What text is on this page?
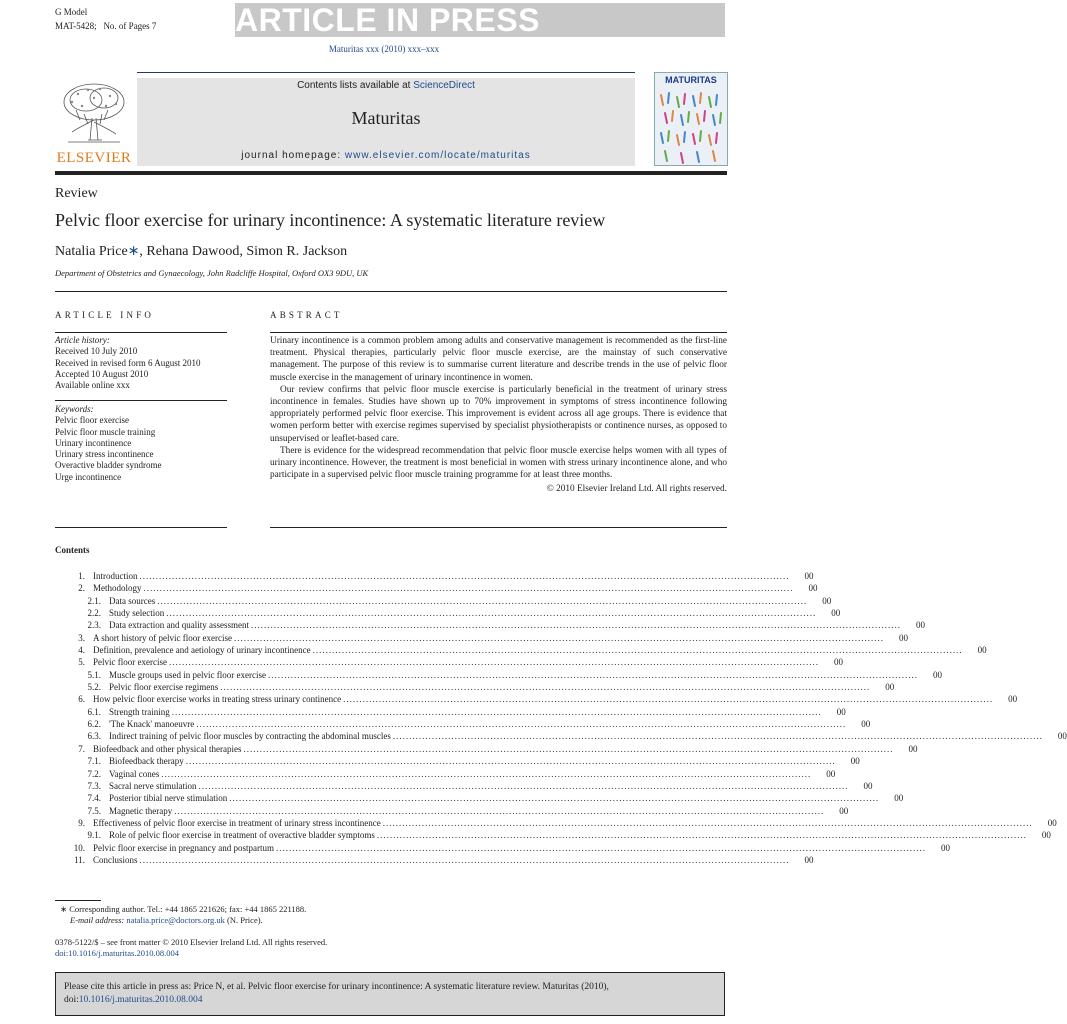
G Model
MAT-5428; No. of Pages 7 ARTICLE IN PRESS
Maturitas xxx (2010) xxx–xxx
ELSEVIER
Contents lists available at ScienceDirect
Maturitas
journal homepage: www.elsevier.com/locate/maturitas
MATURITAS
Review
Pelvic floor exercise for urinary incontinence: A systematic literature review
Natalia Price∗, Rehana Dawood, Simon R. Jackson
Department of Obstetrics and Gynaecology, John Radcliffe Hospital, Oxford OX3 9DU, UK
ARTICLE INFO	ABSTRACT
Article history:
Received 10 July 2010
Received in revised form 6 August 2010
Accepted 10 August 2010
Available online xxx
Keywords:
Pelvic floor exercise
Pelvic floor muscle training
Urinary incontinence
Urinary stress incontinence
Overactive bladder syndrome
Urge incontinence

Urinary incontinence is a common problem among adults and conservative management is recommended as the first-line treatment. Physical therapies, particularly pelvic floor muscle exercise, are the mainstay of such conservative management. The purpose of this review is to summarise current literature and describe trends in the use of pelvic floor muscle exercise in the management of urinary incontinence in women.

Our review confirms that pelvic floor muscle exercise is particularly beneficial in the treatment of urinary stress incontinence in females. Studies have shown up to 70% improvement in symptoms of stress incontinence following appropriately performed pelvic floor exercise. This improvement is evident across all age groups. There is evidence that women perform better with exercise regimes supervised by specialist physiotherapists or continence nurses, as opposed to unsupervised or leaflet-based care.

There is evidence for the widespread recommendation that pelvic floor muscle exercise helps women with all types of urinary incontinence. However, the treatment is most beneficial in women with stress urinary incontinence alone, and who participate in a supervised pelvic floor muscle training programme for at least three months.

© 2010 Elsevier Ireland Ltd. All rights reserved.

Contents
1. Introduction ........................................................................................................................................................................................................	00
2. Methodology ........................................................................................................................................................................................................	00
2.1. Data sources ........................................................................................................................................................................................................	00
2.2. Study selection ........................................................................................................................................................................................................	00
2.3. Data extraction and quality assessment ........................................................................................................................................................................................................	00
3. A short history of pelvic floor exercise ........................................................................................................................................................................................................	00
4. Definition, prevalence and aetiology of urinary incontinence ........................................................................................................................................................................................................	00
5. Pelvic floor exercise ........................................................................................................................................................................................................	00
5.1. Muscle groups used in pelvic floor exercise ........................................................................................................................................................................................................	00
5.2. Pelvic floor exercise regimens ........................................................................................................................................................................................................	00
6. How pelvic floor exercise works in treating stress urinary continence ........................................................................................................................................................................................................	00
6.1. Strength training ........................................................................................................................................................................................................	00
6.2. 'The Knack' manoeuvre ........................................................................................................................................................................................................	00
6.3. Indirect training of pelvic floor muscles by contracting the abdominal muscles ........................................................................................................................................................................................................	00
7. Biofeedback and other physical therapies ........................................................................................................................................................................................................	00
7.1. Biofeedback therapy ........................................................................................................................................................................................................	00
7.2. Vaginal cones ........................................................................................................................................................................................................	00
7.3. Sacral nerve stimulation ........................................................................................................................................................................................................	00
7.4. Posterior tibial nerve stimulation ........................................................................................................................................................................................................	00
7.5. Magnetic therapy ........................................................................................................................................................................................................	00
9. Effectiveness of pelvic floor exercise in treatment of urinary stress incontinence ........................................................................................................................................................................................................	00
9.1. Role of pelvic floor exercise in treatment of overactive bladder symptoms ........................................................................................................................................................................................................	00
10. Pelvic floor exercise in pregnancy and postpartum ........................................................................................................................................................................................................	00
11. Conclusions ........................................................................................................................................................................................................	00
∗ Corresponding author. Tel.: +44 1865 221626; fax: +44 1865 221188.
E-mail address: natalia.price@doctors.org.uk (N. Price).
0378-5122/$ – see front matter © 2010 Elsevier Ireland Ltd. All rights reserved.
doi:10.1016/j.maturitas.2010.08.004
Please cite this article in press as: Price N, et al. Pelvic floor exercise for urinary incontinence: A systematic literature review. Maturitas (2010),
doi:10.1016/j.maturitas.2010.08.004
